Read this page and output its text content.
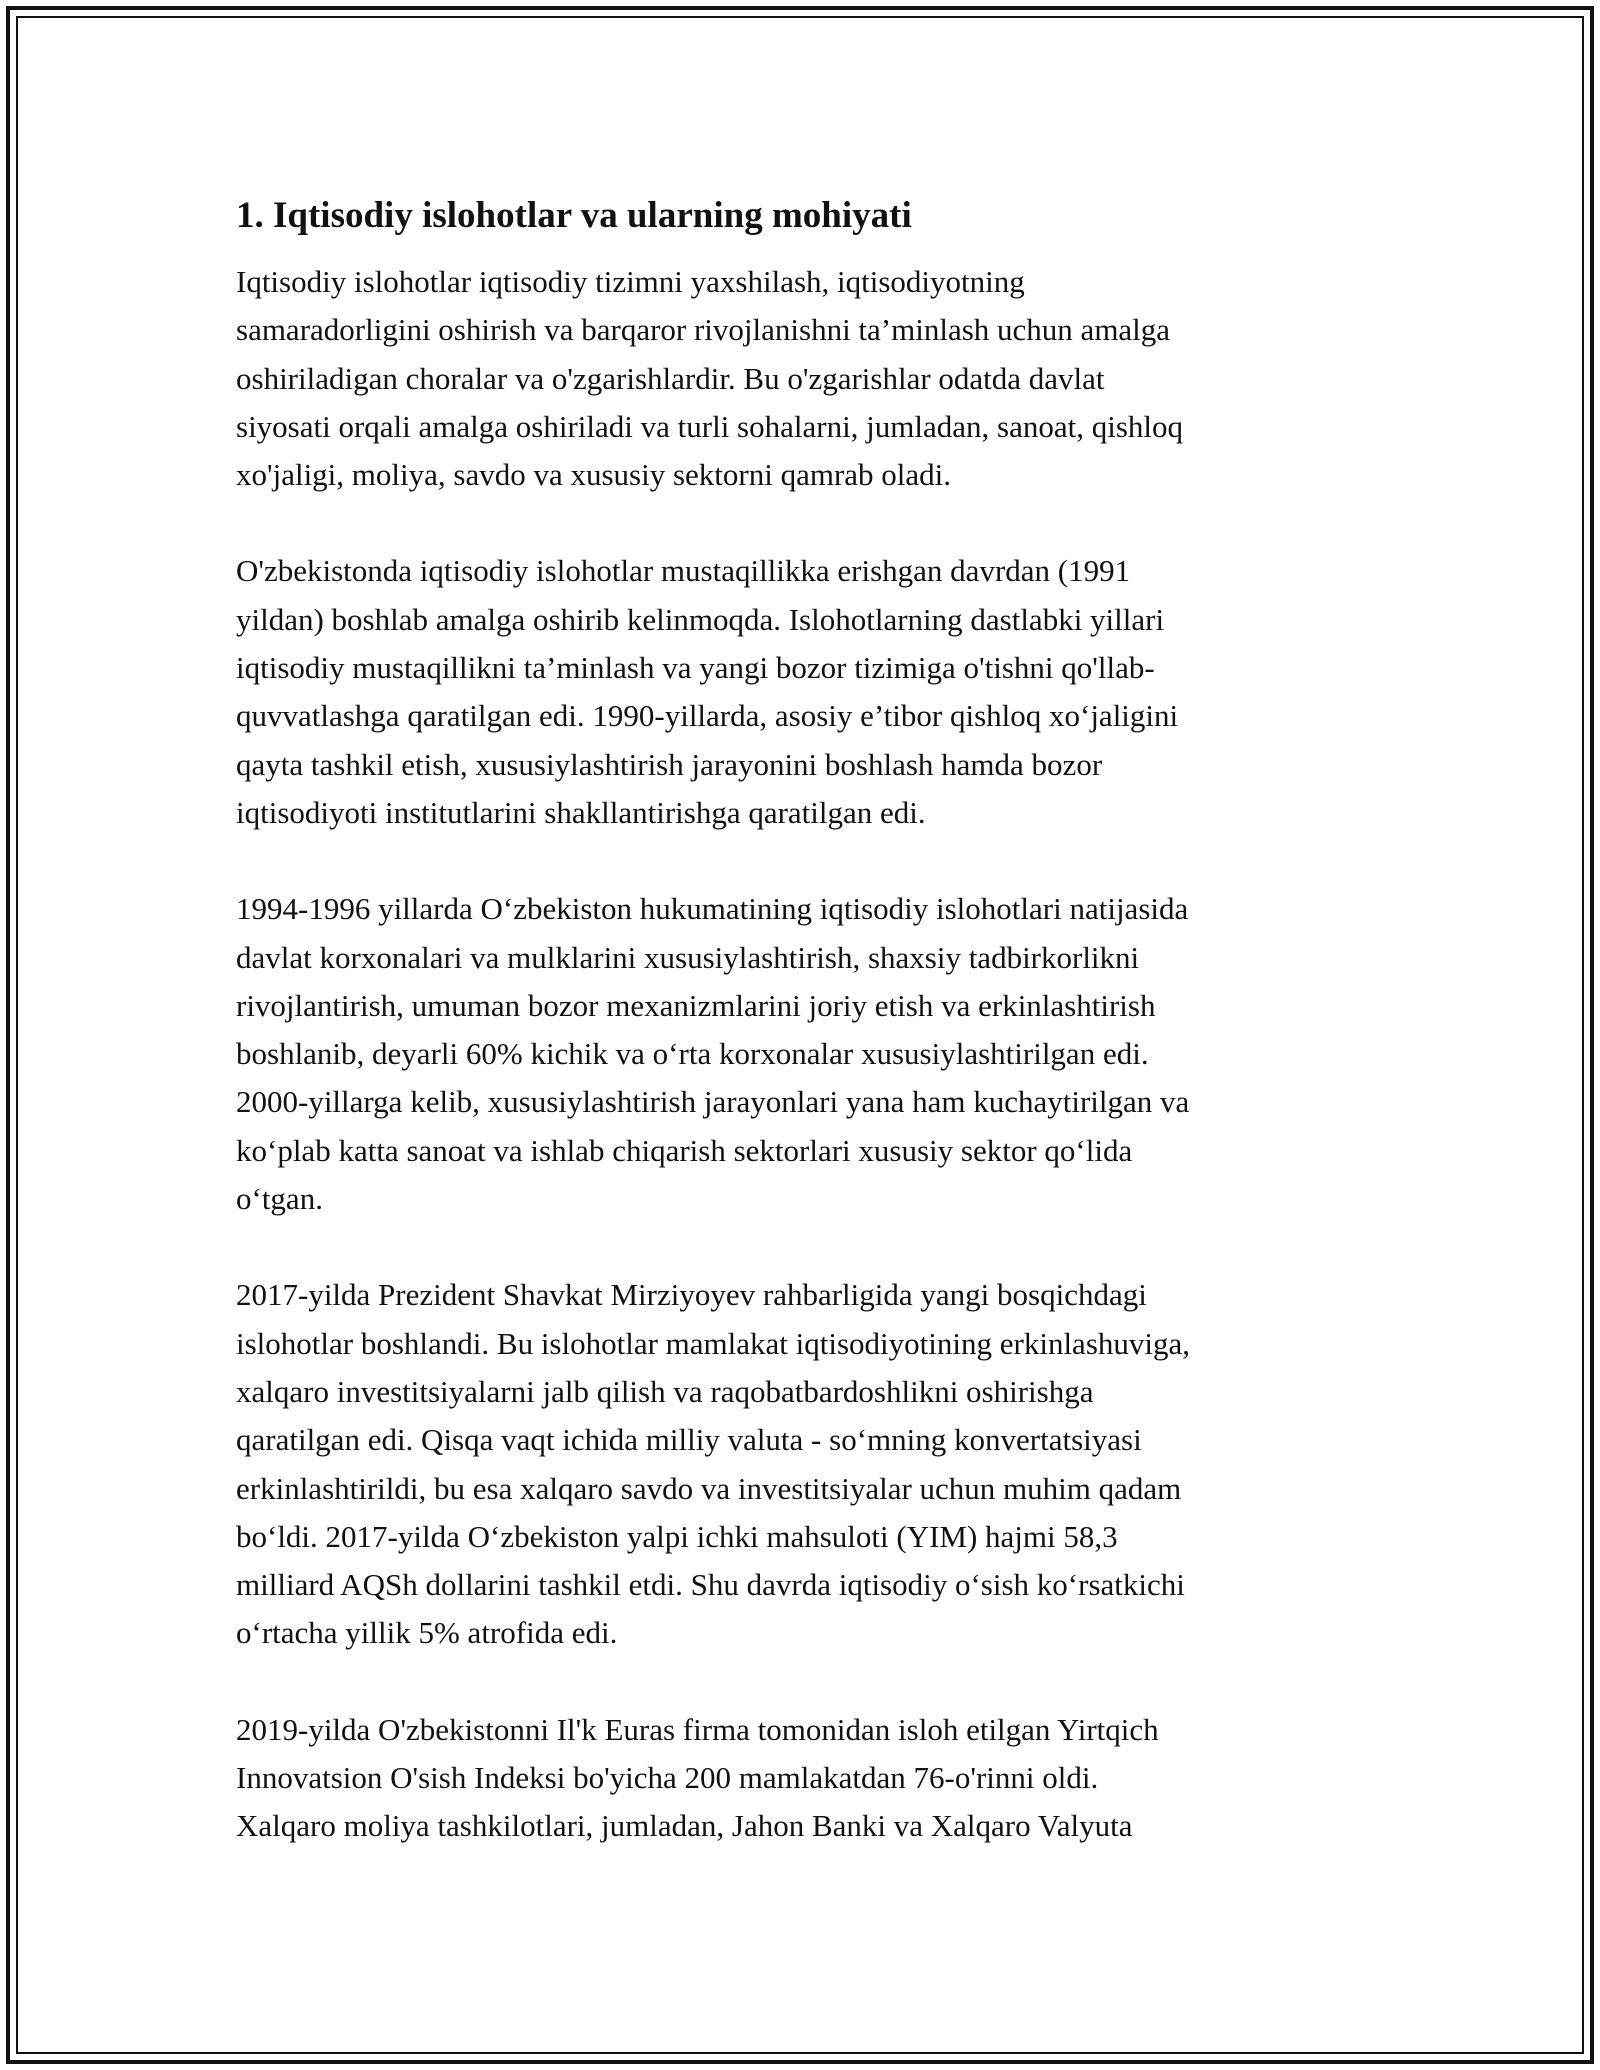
1. Iqtisodiy islohotlar va ularning mohiyati

Iqtisodiy islohotlar iqtisodiy tizimni yaxshilash, iqtisodiyotning
samaradorligini oshirish va barqaror rivojlanishni ta’minlash uchun amalga
oshiriladigan choralar va o'zgarishlardir. Bu o'zgarishlar odatda davlat
siyosati orqali amalga oshiriladi va turli sohalarni, jumladan, sanoat, qishloq
xo'jaligi, moliya, savdo va xususiy sektorni qamrab oladi.

O'zbekistonda iqtisodiy islohotlar mustaqillikka erishgan davrdan (1991
yildan) boshlab amalga oshirib kelinmoqda. Islohotlarning dastlabki yillari
iqtisodiy mustaqillikni ta’minlash va yangi bozor tizimiga o'tishni qo'llab-
quvvatlashga qaratilgan edi. 1990-yillarda, asosiy e’tibor qishloq xo‘jaligini
qayta tashkil etish, xususiylashtirish jarayonini boshlash hamda bozor
iqtisodiyoti institutlarini shakllantirishga qaratilgan edi.

1994-1996 yillarda O‘zbekiston hukumatining iqtisodiy islohotlari natijasida
davlat korxonalari va mulklarini xususiylashtirish, shaxsiy tadbirkorlikni
rivojlantirish, umuman bozor mexanizmlarini joriy etish va erkinlashtirish
boshlanib, deyarli 60% kichik va o‘rta korxonalar xususiylashtirilgan edi.
2000-yillarga kelib, xususiylashtirish jarayonlari yana ham kuchaytirilgan va
ko‘plab katta sanoat va ishlab chiqarish sektorlari xususiy sektor qo‘lida
o‘tgan.

2017-yilda Prezident Shavkat Mirziyoyev rahbarligida yangi bosqichdagi
islohotlar boshlandi. Bu islohotlar mamlakat iqtisodiyotining erkinlashuviga,
xalqaro investitsiyalarni jalb qilish va raqobatbardoshlikni oshirishga
qaratilgan edi. Qisqa vaqt ichida milliy valuta - so‘mning konvertatsiyasi
erkinlashtirildi, bu esa xalqaro savdo va investitsiyalar uchun muhim qadam
bo‘ldi. 2017-yilda O‘zbekiston yalpi ichki mahsuloti (YIM) hajmi 58,3
milliard AQSh dollarini tashkil etdi. Shu davrda iqtisodiy o‘sish ko‘rsatkichi
o‘rtacha yillik 5% atrofida edi.

2019-yilda O'zbekistonni Il'k Euras firma tomonidan isloh etilgan Yirtqich
Innovatsion O'sish Indeksi bo'yicha 200 mamlakatdan 76-o'rinni oldi.
Xalqaro moliya tashkilotlari, jumladan, Jahon Banki va Xalqaro Valyuta
